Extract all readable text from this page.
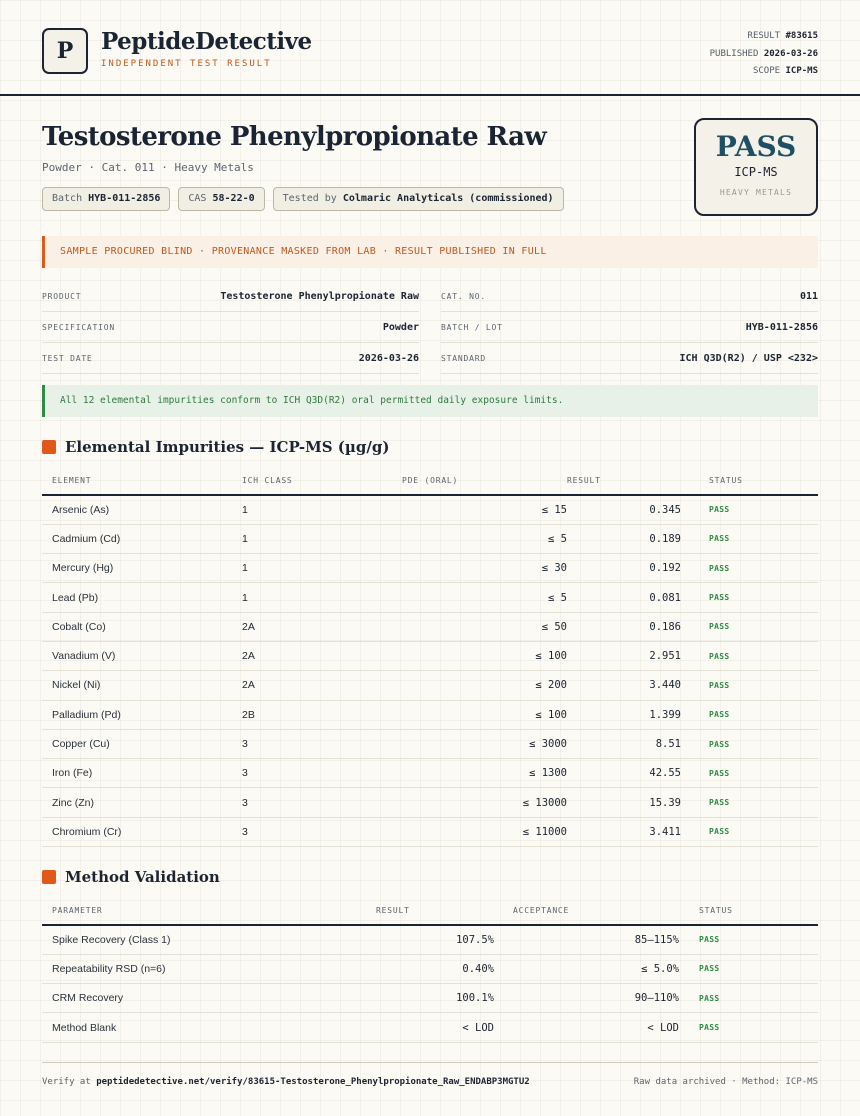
P	PeptideDetective
INDEPENDENT TEST RESULT
RESULT #83615
PUBLISHED 2026-03-26
SCOPE ICP-MS
Testosterone Phenylpropionate Raw
Powder · Cat. 011 · Heavy Metals
Batch HYB-011-2856	CAS 58-22-0	Tested by Colmaric Analyticals (commissioned)
PASS
ICP-MS
HEAVY METALS
SAMPLE PROCURED BLIND · PROVENANCE MASKED FROM LAB · RESULT PUBLISHED IN FULL
PRODUCT	Testosterone Phenylpropionate Raw
SPECIFICATION	Powder
TEST DATE	2026-03-26
CAT. NO.	011
BATCH / LOT	HYB-011-2856
STANDARD	ICH Q3D(R2) / USP <232>
All 12 elemental impurities conform to ICH Q3D(R2) oral permitted daily exposure limits.
Elemental Impurities — ICP-MS (µg/g)
ELEMENT	ICH CLASS	PDE (ORAL)	RESULT	STATUS
Arsenic (As)	1	≤ 15	0.345	PASS
Cadmium (Cd)	1	≤ 5	0.189	PASS
Mercury (Hg)	1	≤ 30	0.192	PASS
Lead (Pb)	1	≤ 5	0.081	PASS
Cobalt (Co)	2A	≤ 50	0.186	PASS
Vanadium (V)	2A	≤ 100	2.951	PASS
Nickel (Ni)	2A	≤ 200	3.440	PASS
Palladium (Pd)	2B	≤ 100	1.399	PASS
Copper (Cu)	3	≤ 3000	8.51	PASS
Iron (Fe)	3	≤ 1300	42.55	PASS
Zinc (Zn)	3	≤ 13000	15.39	PASS
Chromium (Cr)	3	≤ 11000	3.411	PASS
Method Validation
PARAMETER	RESULT	ACCEPTANCE	STATUS
Spike Recovery (Class 1)	107.5%	85–115%	PASS
Repeatability RSD (n=6)	0.40%	≤ 5.0%	PASS
CRM Recovery	100.1%	90–110%	PASS
Method Blank	< LOD	< LOD	PASS
Verify at peptidedetective.net/verify/83615-Testosterone_Phenylpropionate_Raw_ENDABP3MGTU2	Raw data archived · Method: ICP-MS
